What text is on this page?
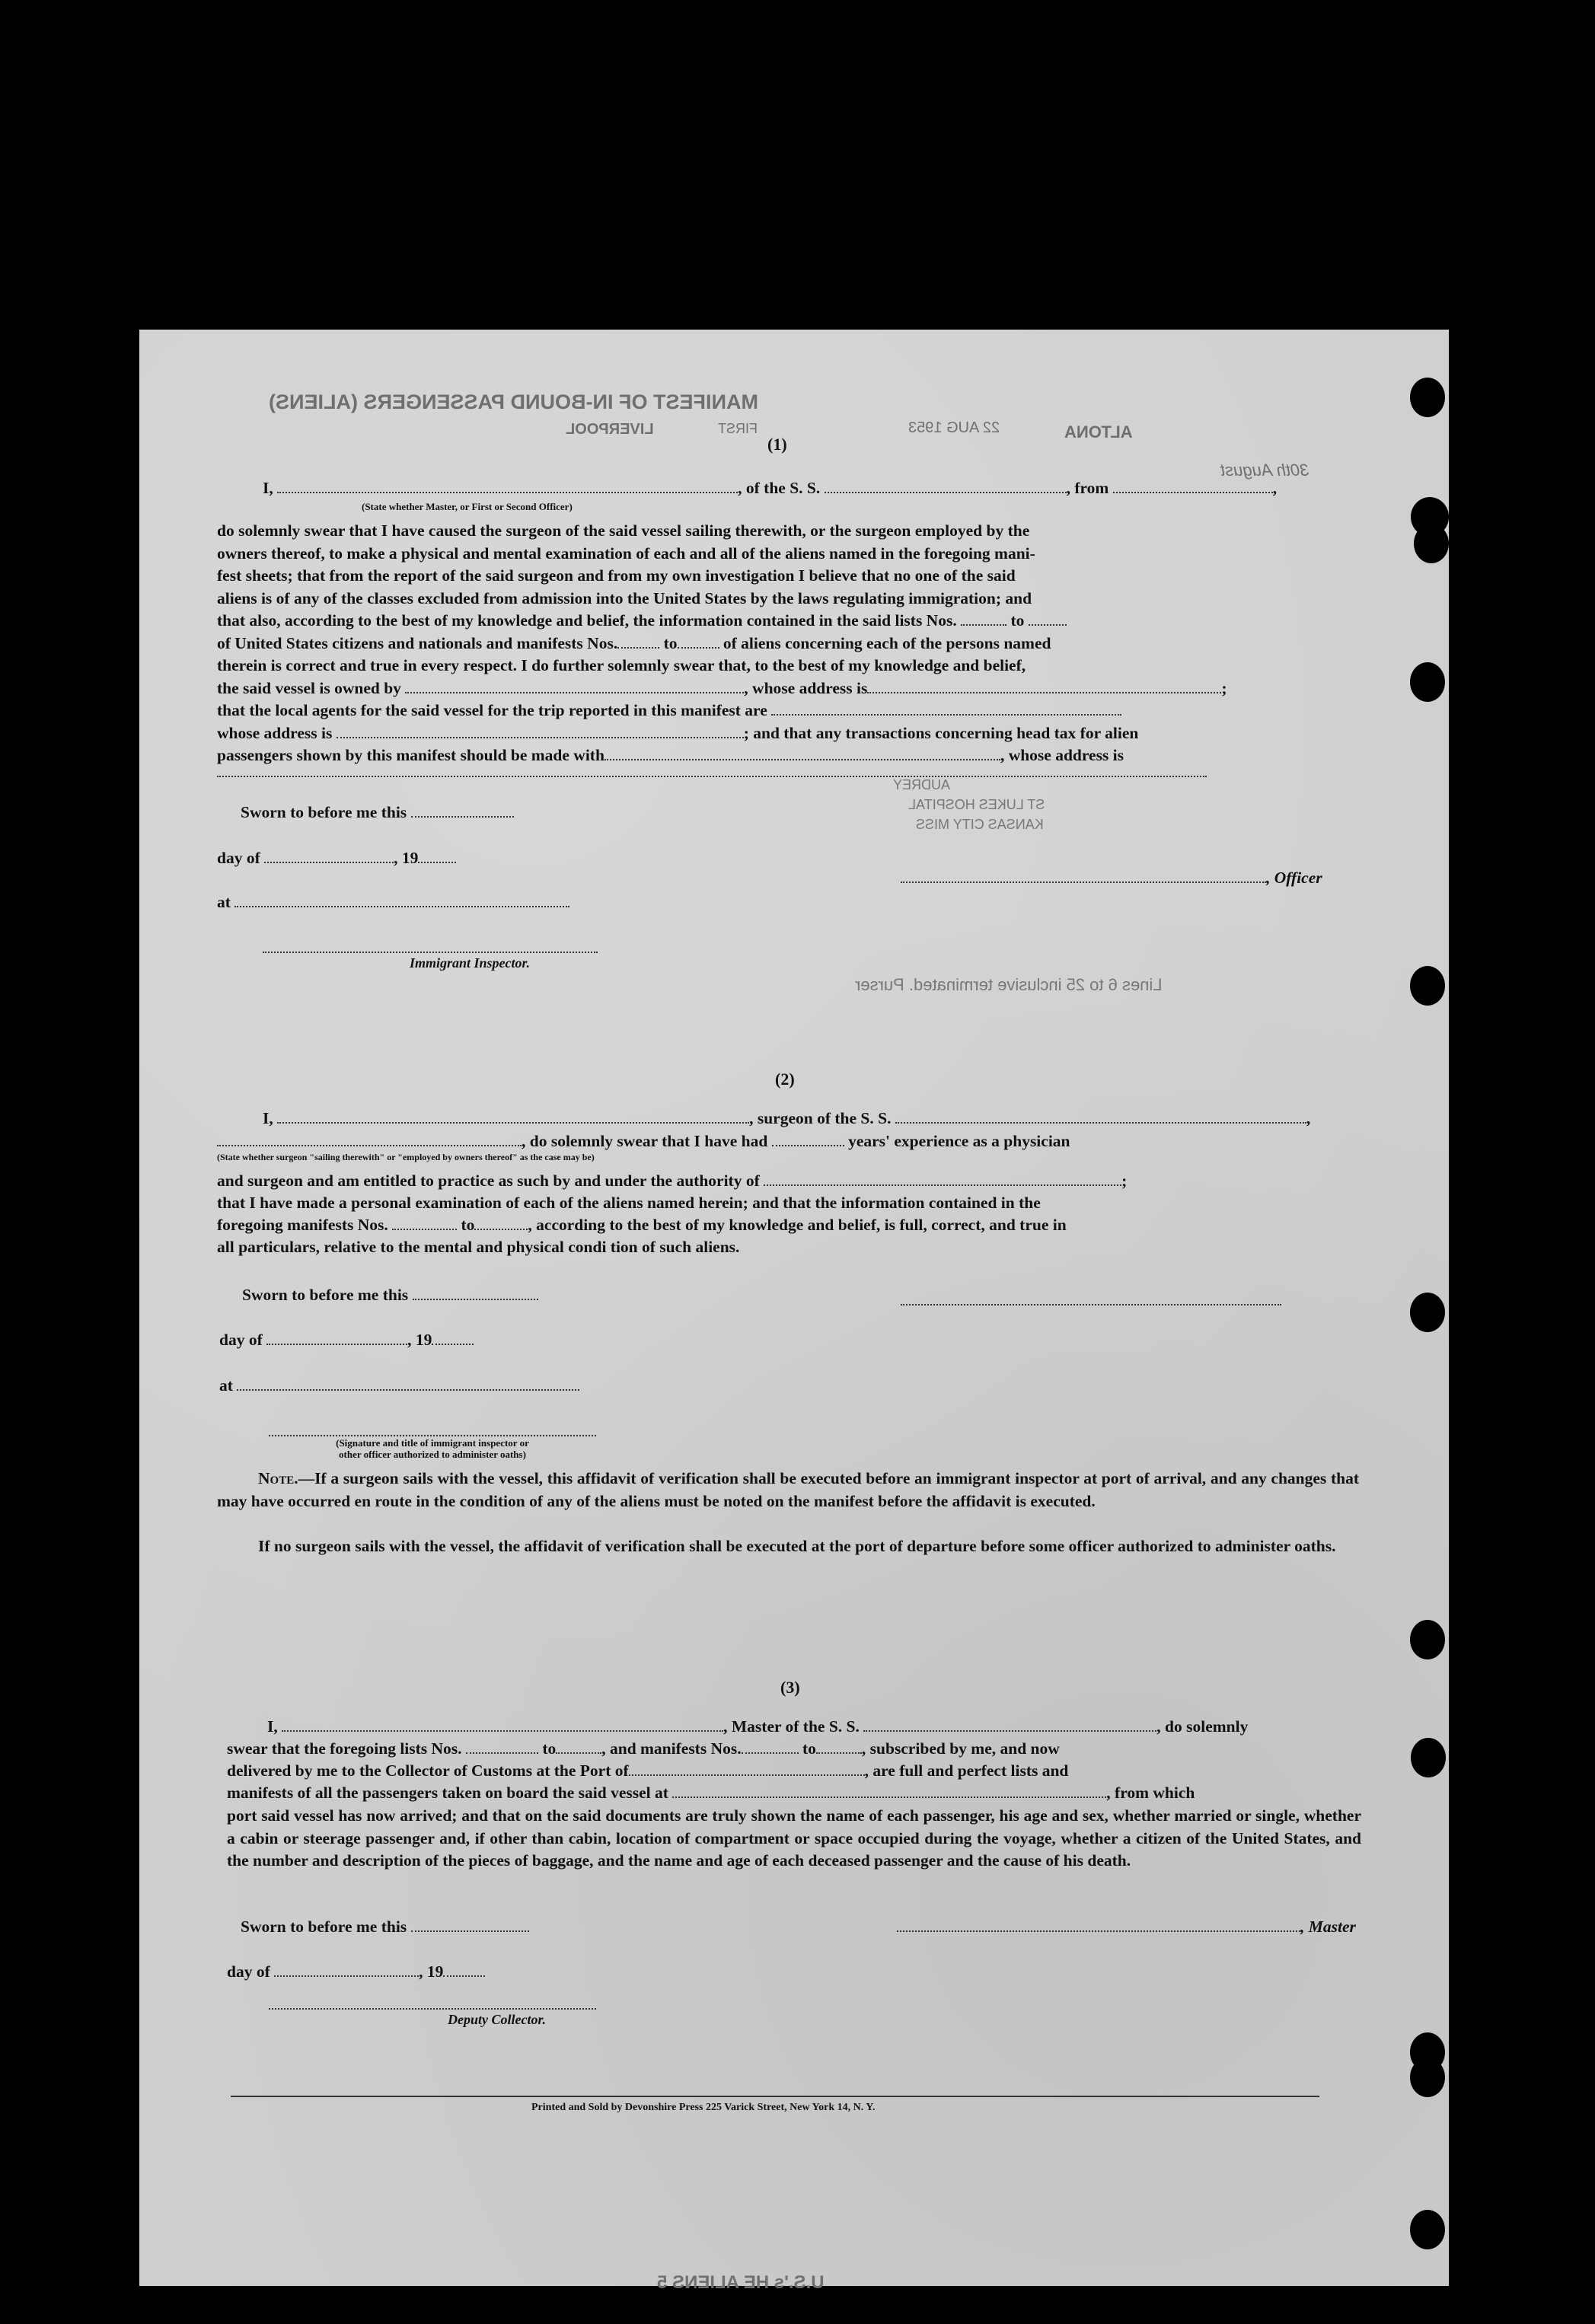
MANIFEST OF IN-BOUND PASSENGERS (ALIENS)
LIVERPOOL	FIRST	22 AUG 1953	ALTONA
30th August
U.S.'s HE ALIENS 5
(1)
I,	, of the S. S.	, from	,
(State whether Master, or First or Second Officer)
do solemnly swear that I have caused the surgeon of the said vessel sailing therewith, or the surgeon employed by the
owners thereof, to make a physical and mental examination of each and all of the aliens named in the foregoing mani-
fest sheets; that from the report of the said surgeon and from my own investigation I believe that no one of the said
aliens is of any of the classes excluded from admission into the United States by the laws regulating immigration; and
that also, according to the best of my knowledge and belief, the information contained in the said lists Nos.	to
of United States citizens and nationals and manifests Nos.	to	of aliens concerning each of the persons named
therein is correct and true in every respect. I do further solemnly swear that, to the best of my knowledge and belief,
the said vessel is owned by	, whose address is	;
that the local agents for the said vessel for the trip reported in this manifest are
whose address is	; and that any transactions concerning head tax for alien
passengers shown by this manifest should be made with	, whose address is
Sworn to before me this
day of	, 19
at
, Officer
Immigrant Inspector.
AUDREY
ST LUKES HOSPITAL
KANSAS CITY MISS
Lines 6 to 25 inclusive terminated. Purser
(2)
I,	, surgeon of the S. S.	,
, do solemnly swear that I have had	years' experience as a physician
(State whether surgeon "sailing therewith" or "employed by owners thereof" as the case may be)
and surgeon and am entitled to practice as such by and under the authority of	;
that I have made a personal examination of each of the aliens named herein; and that the information contained in the
foregoing manifests Nos.	to	, according to the best of my knowledge and belief, is full, correct, and true in
all particulars, relative to the mental and physical condi tion of such aliens.
Sworn to before me this
day of	, 19
at
(Signature and title of immigrant inspector or
other officer authorized to administer oaths)
Note.—If a surgeon sails with the vessel, this affidavit of verification shall be executed before an immigrant inspector at port of arrival, and any changes that may have occurred en route in the condition of any of the aliens must be noted on the manifest before the affidavit is executed.
If no surgeon sails with the vessel, the affidavit of verification shall be executed at the port of departure before some officer authorized to administer oaths.
(3)
I,	, Master of the S. S.	, do solemnly
swear that the foregoing lists Nos.	to	, and manifests Nos.	to	, subscribed by me, and now
delivered by me to the Collector of Customs at the Port of	, are full and perfect lists and
manifests of all the passengers taken on board the said vessel at	, from which
port said vessel has now arrived; and that on the said documents are truly shown the name of each passenger, his age and sex, whether married or single, whether a cabin or steerage passenger and, if other than cabin, location of compartment or space occupied during the voyage, whether a citizen of the United States, and the number and description of the pieces of baggage, and the name and age of each deceased passenger and the cause of his death.
Sworn to before me this	, Master
day of	, 19
Deputy Collector.
Printed and Sold by Devonshire Press 225 Varick Street, New York 14, N. Y.
